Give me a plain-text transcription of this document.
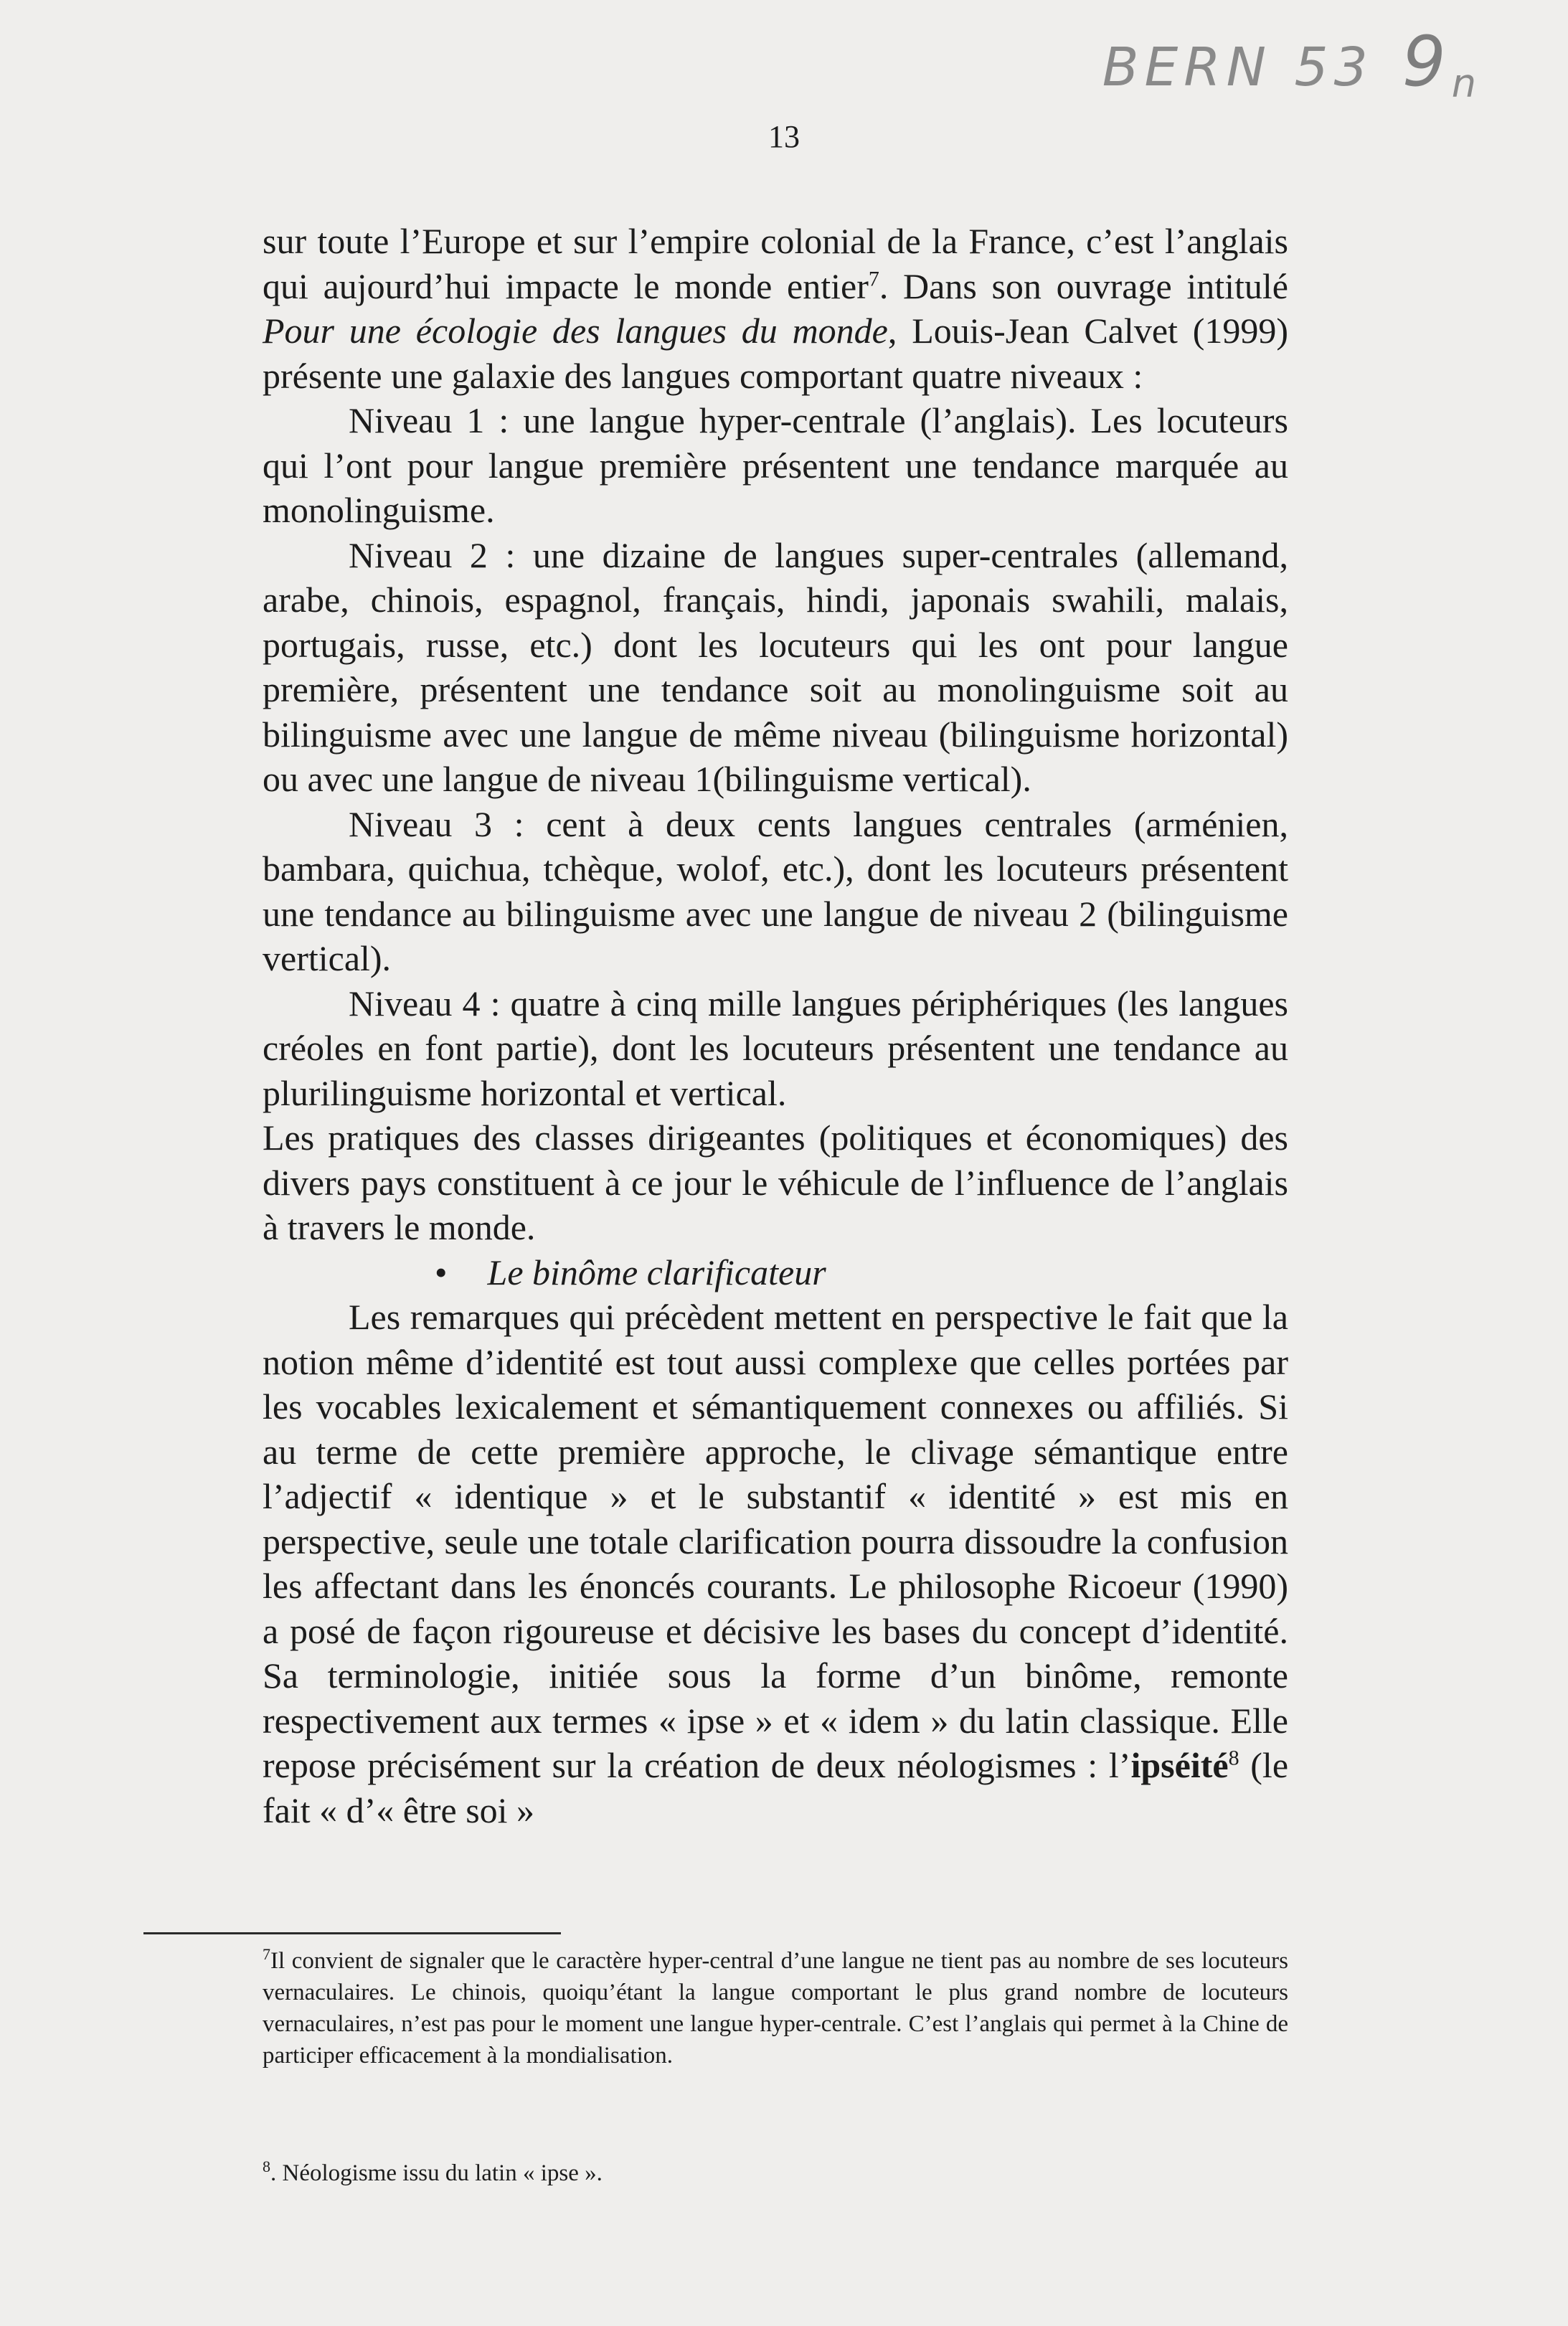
BERN 53 $9_n$
13

sur toute l’Europe et sur l’empire colonial de la France, c’est l’anglais qui aujourd’hui impacte le monde entier$^7$. Dans son ouvrage intitulé Pour une écologie des langues du monde, Louis-Jean Calvet (1999) présente une galaxie des langues comportant quatre niveaux :

Niveau 1 : une langue hyper-centrale (l’anglais). Les locuteurs qui l’ont pour langue première présentent une tendance marquée au monolinguisme.

Niveau 2 : une dizaine de langues super-centrales (allemand, arabe, chinois, espagnol, français, hindi, japonais swahili, malais, portugais, russe, etc.) dont les locuteurs qui les ont pour langue première, présentent une tendance soit au monolinguisme soit au bilinguisme avec une langue de même niveau (bilinguisme horizontal) ou avec une langue de niveau 1(bilinguisme vertical).

Niveau 3 : cent à deux cents langues centrales (arménien, bambara, quichua, tchèque, wolof, etc.), dont les locuteurs présentent une tendance au bilinguisme avec une langue de niveau 2 (bilinguisme vertical).

Niveau 4 : quatre à cinq mille langues périphériques (les langues créoles en font partie), dont les locuteurs présentent une tendance au plurilinguisme horizontal et vertical.

Les pratiques des classes dirigeantes (politiques et économiques) des divers pays constituent à ce jour le véhicule de l’influence de l’anglais à travers le monde.

• Le binôme clarificateur

Les remarques qui précèdent mettent en perspective le fait que la notion même d’identité est tout aussi complexe que celles portées par les vocables lexicalement et sémantiquement connexes ou affiliés. Si au terme de cette première approche, le clivage sémantique entre l’adjectif « identique » et le substantif « identité » est mis en perspective, seule une totale clarification pourra dissoudre la confusion les affectant dans les énoncés courants. Le philosophe Ricoeur (1990) a posé de façon rigoureuse et décisive les bases du concept d’identité. Sa terminologie, initiée sous la forme d’un binôme, remonte respectivement aux termes « ipse » et « idem » du latin classique. Elle repose précisément sur la création de deux néologismes : l’ipséité$^8$ (le fait « d’« être soi »

$^7$Il convient de signaler que le caractère hyper-central d’une langue ne tient pas au nombre de ses locuteurs vernaculaires. Le chinois, quoiqu’étant la langue comportant le plus grand nombre de locuteurs vernaculaires, n’est pas pour le moment une langue hyper-centrale. C’est l’anglais qui permet à la Chine de participer efficacement à la mondialisation.

$^8$. Néologisme issu du latin « ipse ».
